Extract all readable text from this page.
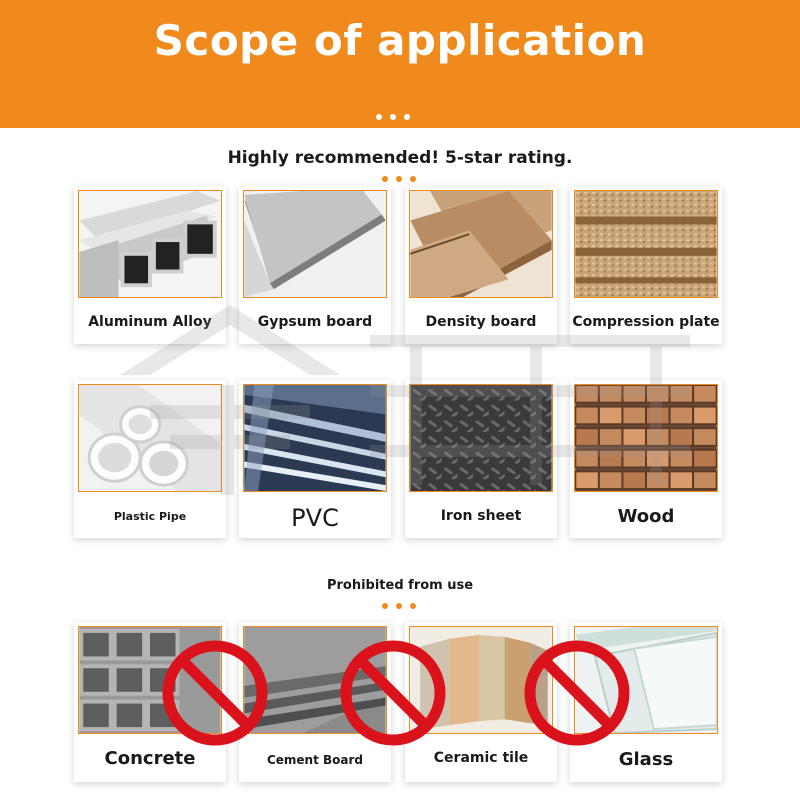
Scope of application
Highly recommended! 5-star rating.
Aluminum Alloy	Gypsum board	Density board	Compression plate
Plastic Pipe	PVC	Iron sheet	Wood
Prohibited from use
Concrete	Cement Board	Ceramic tile	Glass
